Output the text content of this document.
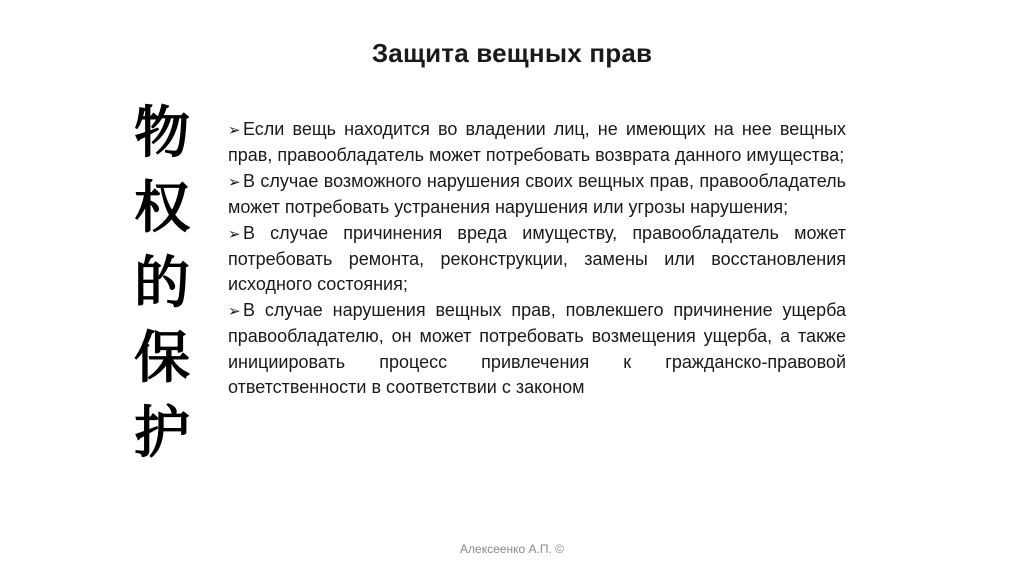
Защита вещных прав
物
权
的
保
护
➢ Если вещь находится во владении лиц, не имеющих на нее вещных прав, правообладатель может потребовать возврата данного имущества;
➢ В случае возможного нарушения своих вещных прав, правообладатель может потребовать устранения нарушения или угрозы нарушения;
➢ В случае причинения вреда имуществу, правообладатель может потребовать ремонта, реконструкции, замены или восстановления исходного состояния;
➢ В случае нарушения вещных прав, повлекшего причинение ущерба правообладателю, он может потребовать возмещения ущерба, а также инициировать процесс привлечения к гражданско-правовой ответственности в соответствии с законом
Алексеенко А.П. ©
